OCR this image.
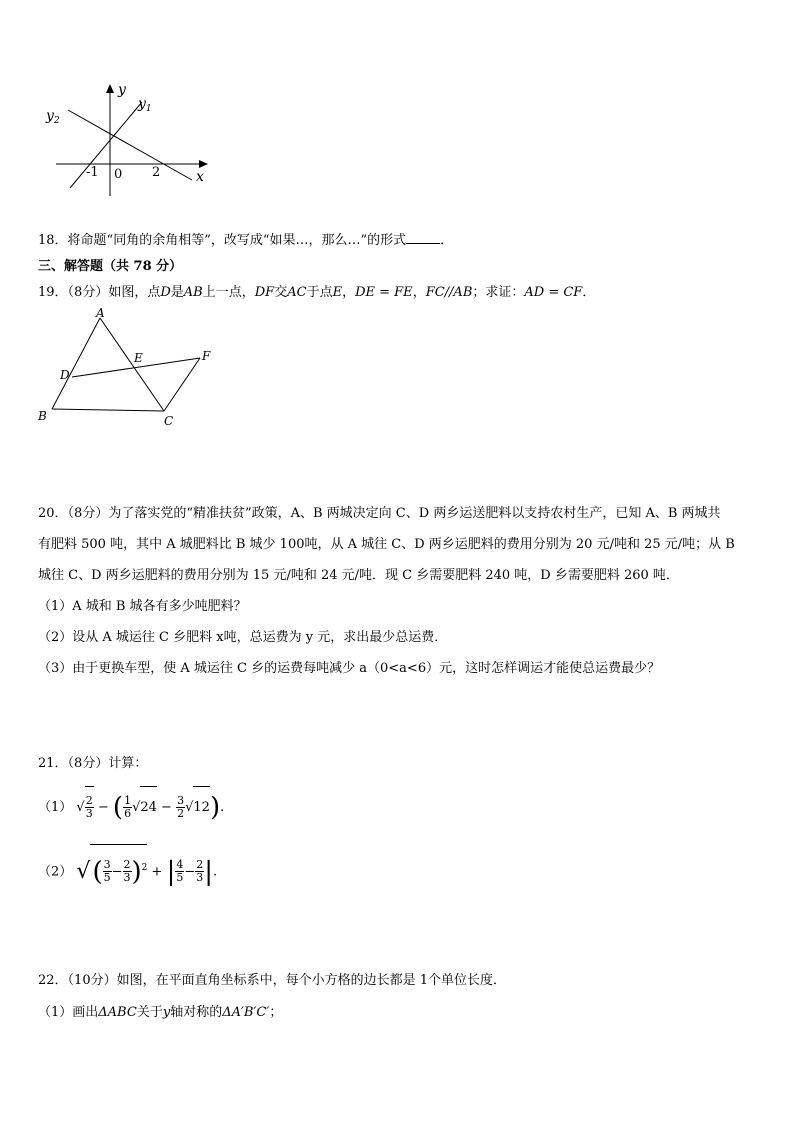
y
$y_1$
$y_2$
x
-1 0 2
18．将命题“同角的余角相等”，改写成“如果…，那么…”的形式	．
三、解答题（共 78 分）
19．（8分）如图，点D是AB上一点，DF交AC于点E，DE = FE，FC//AB；求证：AD = CF．
A
B	C
D
E	F
20．（8分）为了落实党的“精准扶贫”政策，A、B 两城决定向 C、D 两乡运送肥料以支持农村生产，已知 A、B 两城共
有肥料 500 吨，其中 A 城肥料比 B 城少 100吨，从 A 城往 C、D 两乡运肥料的费用分别为 20 元/吨和 25 元/吨；从 B
城往 C、D 两乡运肥料的费用分别为 15 元/吨和 24 元/吨．现 C 乡需要肥料 240 吨，D 乡需要肥料 260 吨．
（1）A 城和 B 城各有多少吨肥料？
（2）设从 A 城运往 C 乡肥料 x吨，总运费为 y 元，求出最少总运费．
（3）由于更换车型，使 A 城运往 C 乡的运费每吨减少 a（0<a<6）元，这时怎样调运才能使总运费最少？
21．（8分）计算：
（1） √ $\frac{2}{3}$ − ( $\frac{1}{6} √24 - \frac{3}{2} √12$).
（2） √( $\frac{3}{5} - \frac{2}{3} )^2$ + | $\frac{4}{5} - \frac{2}{3}$ |.
22．（10分）如图，在平面直角坐标系中，每个小方格的边长都是 1个单位长度．
（1）画出ΔABC关于y轴对称的ΔA′B′C′；
